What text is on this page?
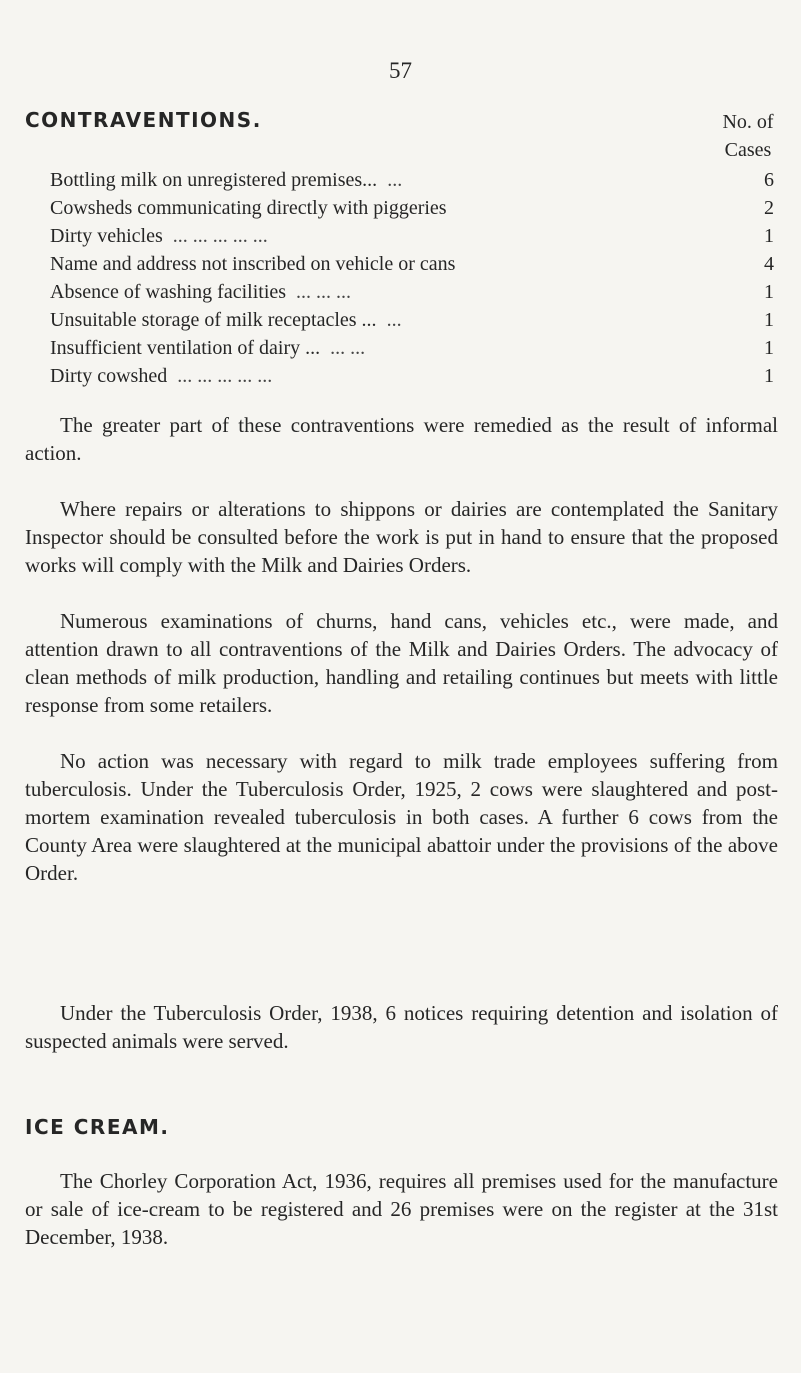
57
CONTRAVENTIONS.	No. of
Cases
Bottling milk on unregistered premises... ...	6
Cowsheds communicating directly with piggeries	2
Dirty vehicles ... ... ... ... ...	1
Name and address not inscribed on vehicle or cans	4
Absence of washing facilities ... ... ...	1
Unsuitable storage of milk receptacles ... ...	1
Insufficient ventilation of dairy ... ... ...	1
Dirty cowshed ... ... ... ... ...	1

The greater part of these contraventions were remedied as the result of informal action.

Where repairs or alterations to shippons or dairies are contemplated the Sanitary Inspector should be consulted before the work is put in hand to ensure that the proposed works will comply with the Milk and Dairies Orders.

Numerous examinations of churns, hand cans, vehicles etc., were made, and attention drawn to all contraventions of the Milk and Dairies Orders. The advocacy of clean methods of milk production, handling and retailing continues but meets with little response from some retailers.

No action was necessary with regard to milk trade employees suffering from tuberculosis. Under the Tuberculosis Order, 1925, 2 cows were slaughtered and post-mortem examination revealed tuberculosis in both cases. A further 6 cows from the County Area were slaughtered at the municipal abattoir under the provisions of the above Order.

Under the Tuberculosis Order, 1938, 6 notices requiring detention and isolation of suspected animals were served.

ICE CREAM.

The Chorley Corporation Act, 1936, requires all premises used for the manufacture or sale of ice-cream to be registered and 26 premises were on the register at the 31st December, 1938.
